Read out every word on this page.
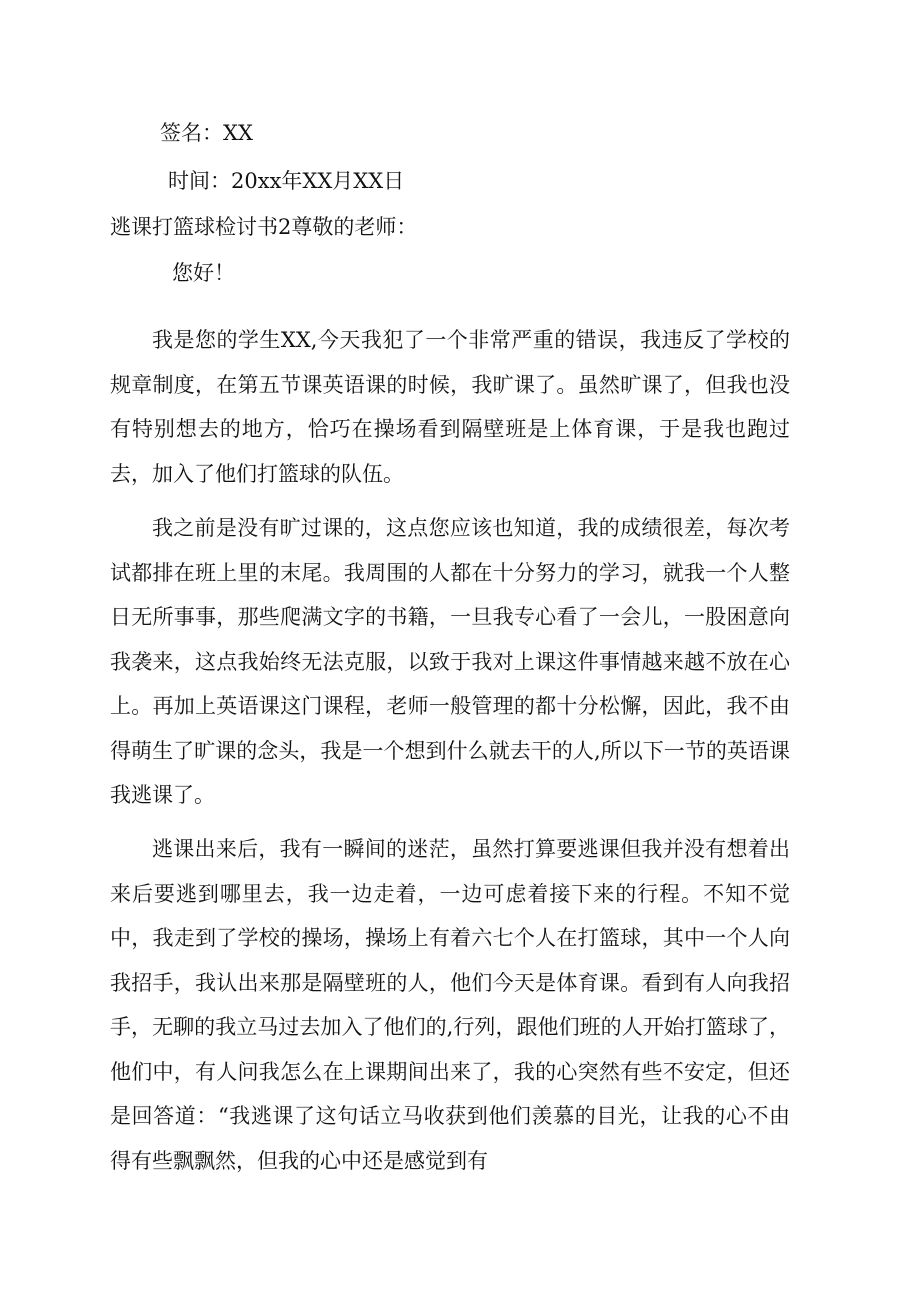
签名：XX
时间：20xx年XX月XX日
逃课打篮球检讨书2尊敬的老师：
您好！

我是您的学生XX,今天我犯了一个非常严重的错误，我违反了学校的规章制度，在第五节课英语课的时候，我旷课了。虽然旷课了，但我也没有特别想去的地方，恰巧在操场看到隔壁班是上体育课，于是我也跑过去，加入了他们打篮球的队伍。

我之前是没有旷过课的，这点您应该也知道，我的成绩很差，每次考试都排在班上里的末尾。我周围的人都在十分努力的学习，就我一个人整日无所事事，那些爬满文字的书籍，一旦我专心看了一会儿，一股困意向我袭来，这点我始终无法克服，以致于我对上课这件事情越来越不放在心上。再加上英语课这门课程，老师一般管理的都十分松懈，因此，我不由得萌生了旷课的念头，我是一个想到什么就去干的人,所以下一节的英语课我逃课了。

逃课出来后，我有一瞬间的迷茫，虽然打算要逃课但我并没有想着出来后要逃到哪里去，我一边走着，一边可虑着接下来的行程。不知不觉中，我走到了学校的操场，操场上有着六七个人在打篮球，其中一个人向我招手，我认出来那是隔壁班的人，他们今天是体育课。看到有人向我招手，无聊的我立马过去加入了他们的,行列，跟他们班的人开始打篮球了，他们中，有人问我怎么在上课期间出来了，我的心突然有些不安定，但还是回答道：“我逃课了这句话立马收获到他们羡慕的目光，让我的心不由得有些飘飘然，但我的心中还是感觉到有
